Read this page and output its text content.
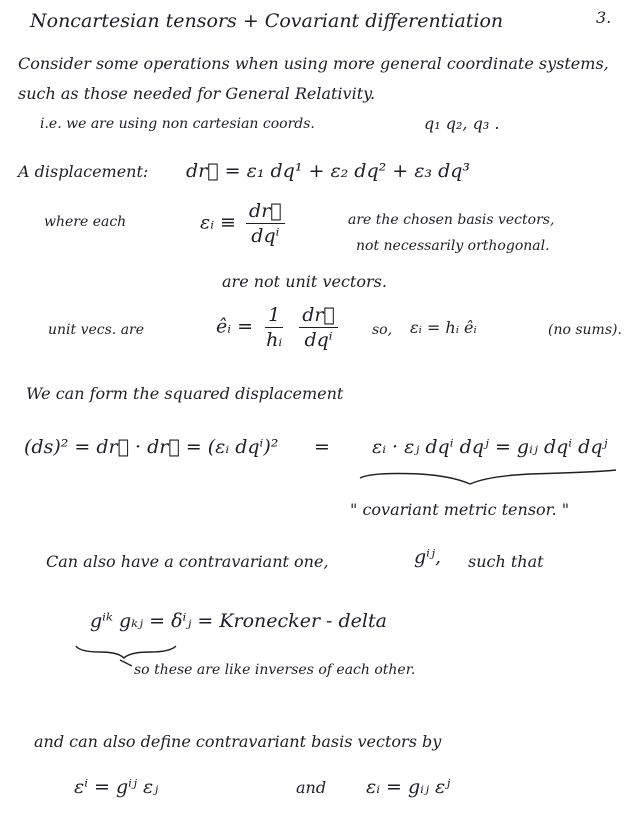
3.
Noncartesian tensors + Covariant differentiation
Consider some operations when using more general coordinate systems,
such as those needed for General Relativity.
i.e. we are using non cartesian coords.	q₁ q₂, q₃ .
A displacement: dr⃗ = ε₁ dq¹ + ε₂ dq² + ε₃ dq³
where each	εᵢ ≡ $\frac{dr⃗}{\text{dqⁱ}}$	are the chosen basis vectors,
not necessarily orthogonal.
are not unit vectors.
unit vecs. are	êᵢ = $\frac{1}{\text{hᵢ}}$
$\frac{dr⃗}{\text{dqⁱ}}$ so, εᵢ = hᵢ êᵢ	(no sums).
We can form the squared displacement
(ds)² = dr⃗ · dr⃗ = (εᵢ dqⁱ)² = εᵢ · εⱼ dqⁱ dqʲ = gᵢⱼ dqⁱ dqʲ
" covariant metric tensor. "
Can also have a contravariant one,	gⁱʲ, such that
gⁱᵏ gₖⱼ = δⁱⱼ = Kronecker - delta
so these are like inverses of each other.
and can also define contravariant basis vectors by
εⁱ = gⁱʲ εⱼ	and εᵢ = gᵢⱼ εʲ
